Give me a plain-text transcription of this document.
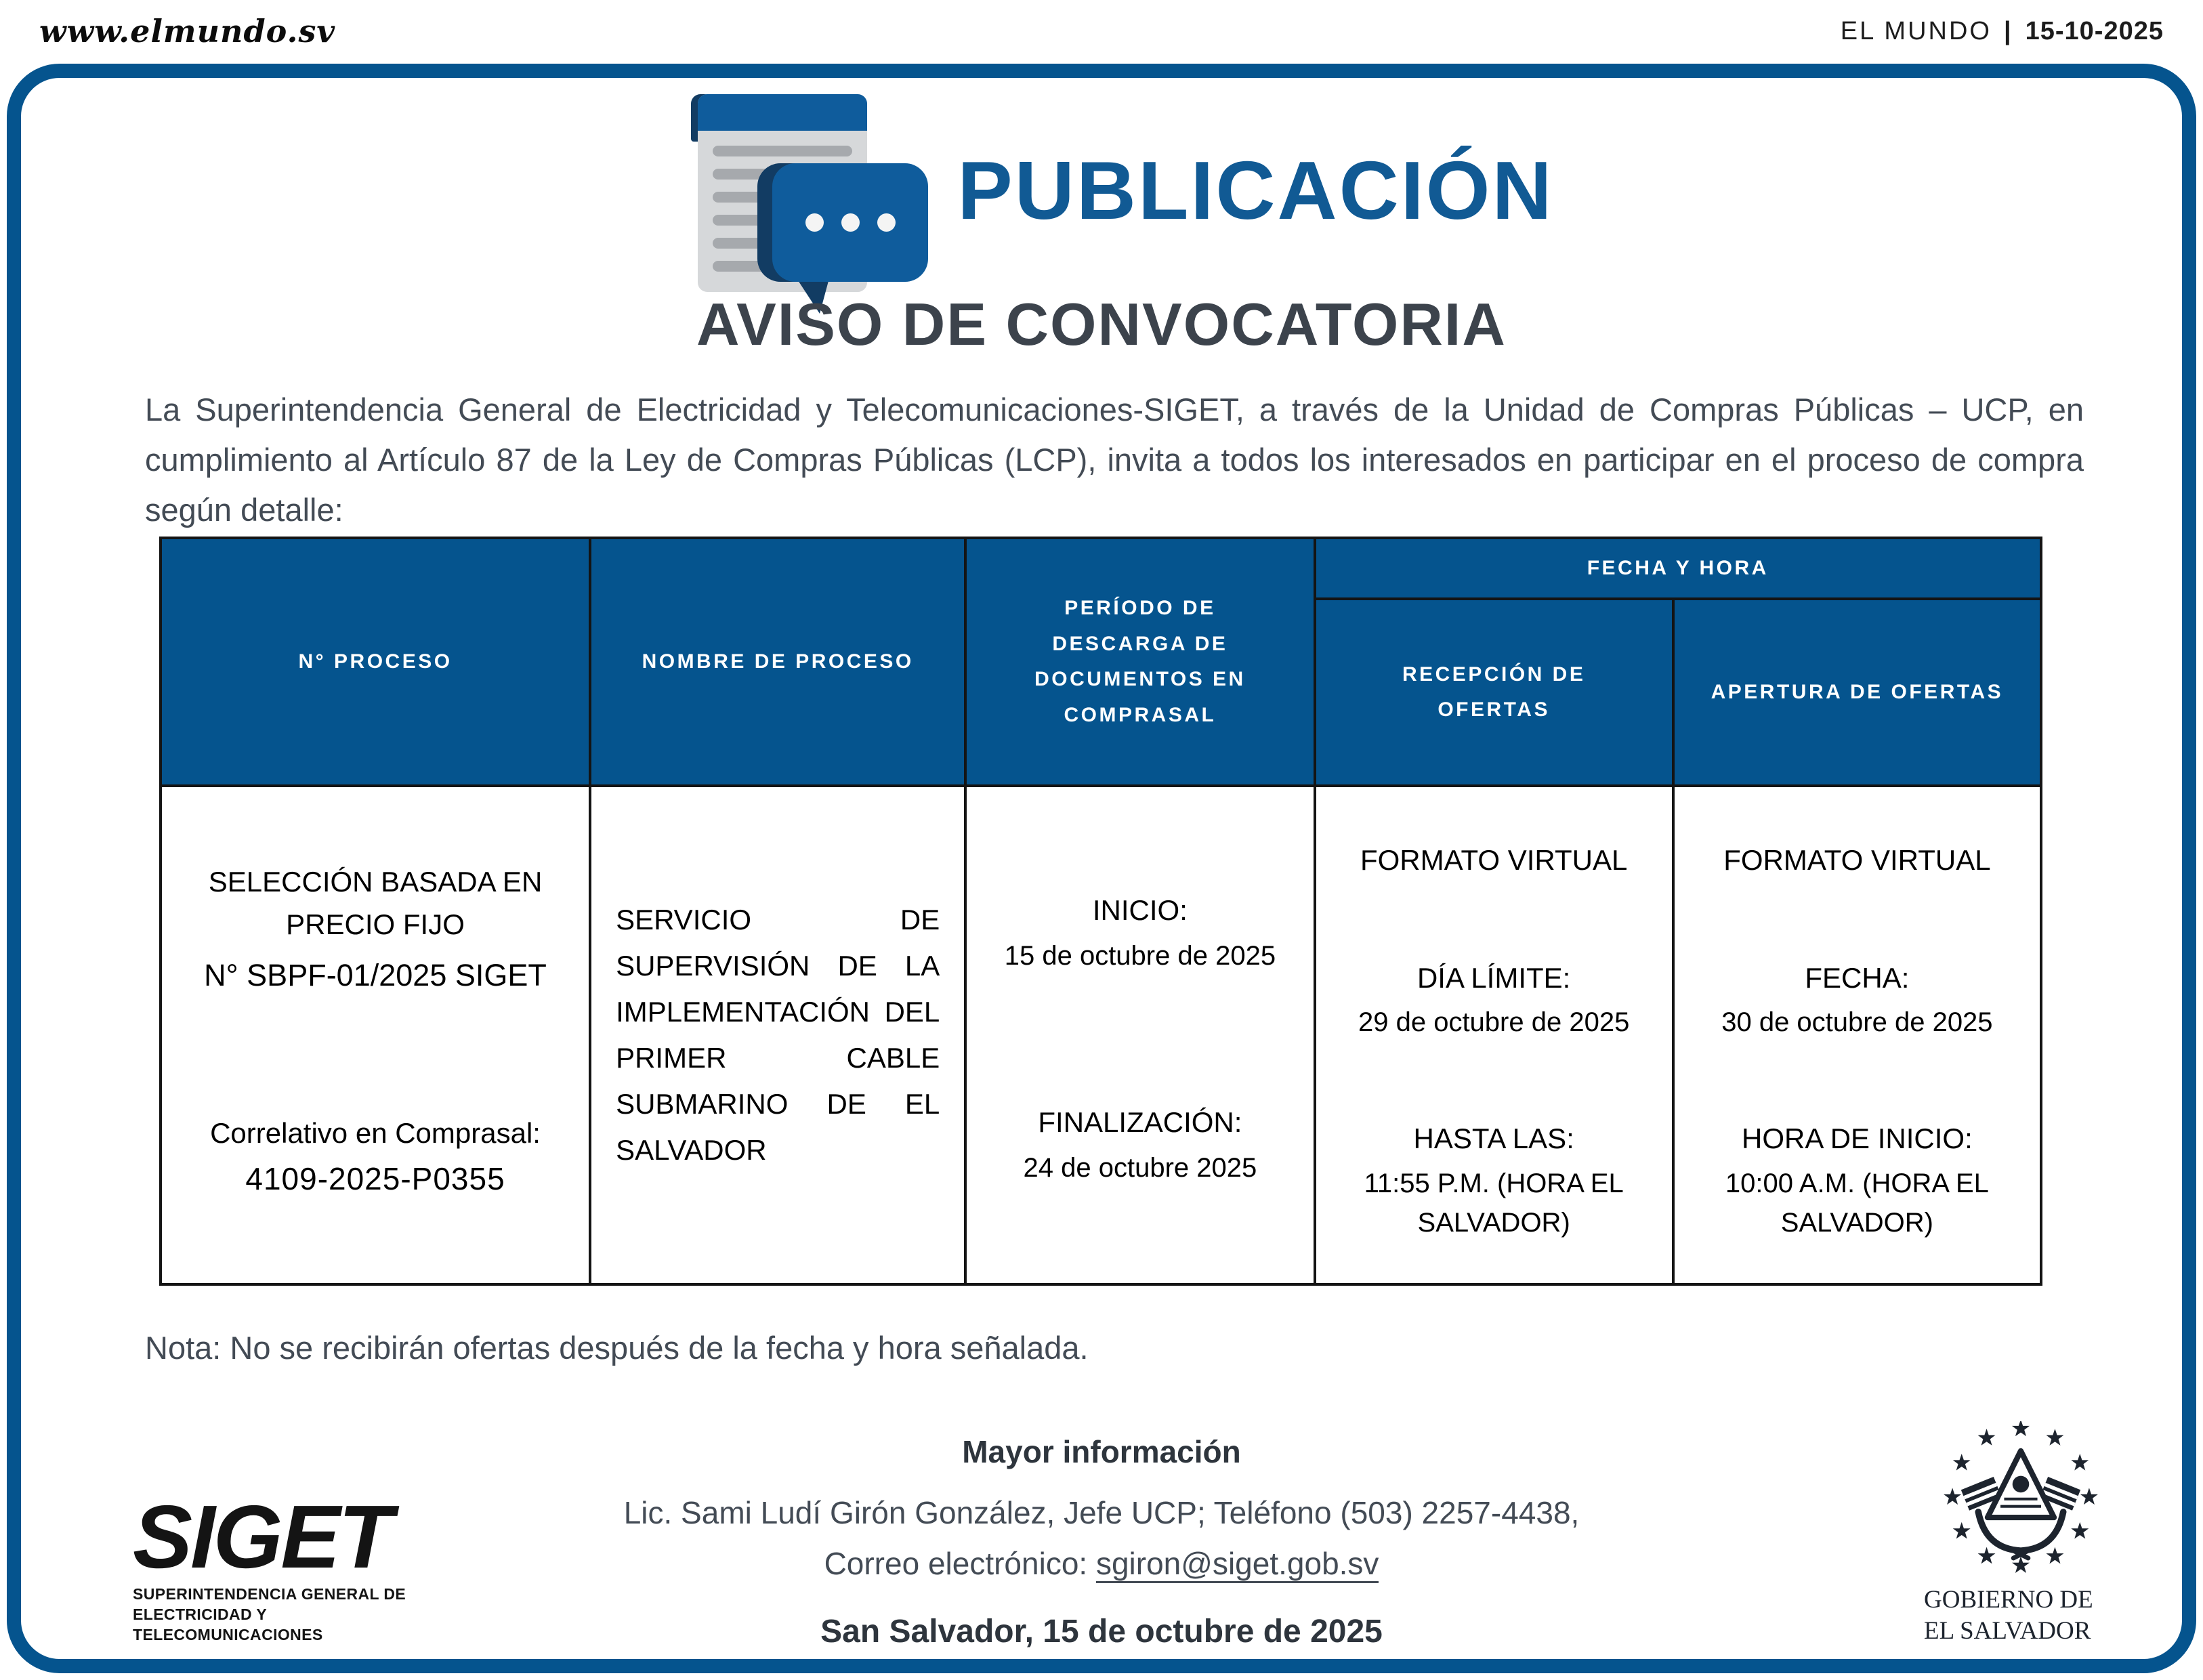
www.elmundo.sv	EL MUNDO | 15-10-2025
PUBLICACIÓN
AVISO DE CONVOCATORIA
La Superintendencia General de Electricidad y Telecomunicaciones-SIGET, a través de la Unidad de Compras Públicas – UCP, en cumplimiento al Artículo 87 de la Ley de Compras Públicas (LCP), invita a todos los interesados en participar en el proceso de compra según detalle:
N° PROCESO	NOMBRE DE PROCESO
PERÍODO DE DESCARGA DE DOCUMENTOS EN COMPRASAL
FECHA Y HORA
RECEPCIÓN DE OFERTAS
APERTURA DE OFERTAS
SELECCIÓN BASADA EN PRECIO FIJO
N° SBPF-01/2025 SIGET
Correlativo en Comprasal:
4109-2025-P0355

SERVICIO DE SUPERVISIÓN DE LA IMPLEMENTACIÓN DEL PRIMER CABLE SUBMARINO DE EL SALVADOR

INICIO:
15 de octubre de 2025
FINALIZACIÓN:
24 de octubre 2025
FORMATO VIRTUAL
DÍA LÍMITE:
29 de octubre de 2025
HASTA LAS:
11:55 P.M. (HORA EL SALVADOR)
FORMATO VIRTUAL
FECHA:
30 de octubre de 2025
HORA DE INICIO:
10:00 A.M. (HORA EL SALVADOR)
Nota: No se recibirán ofertas después de la fecha y hora señalada.
Mayor información
Lic. Sami Ludí Girón González, Jefe UCP; Teléfono (503) 2257-4438,
Correo electrónico: sgiron@siget.gob.sv
San Salvador, 15 de octubre de 2025
SIGET
SUPERINTENDENCIA GENERAL DE
ELECTRICIDAD Y TELECOMUNICACIONES
GOBIERNO DE
EL SALVADOR
